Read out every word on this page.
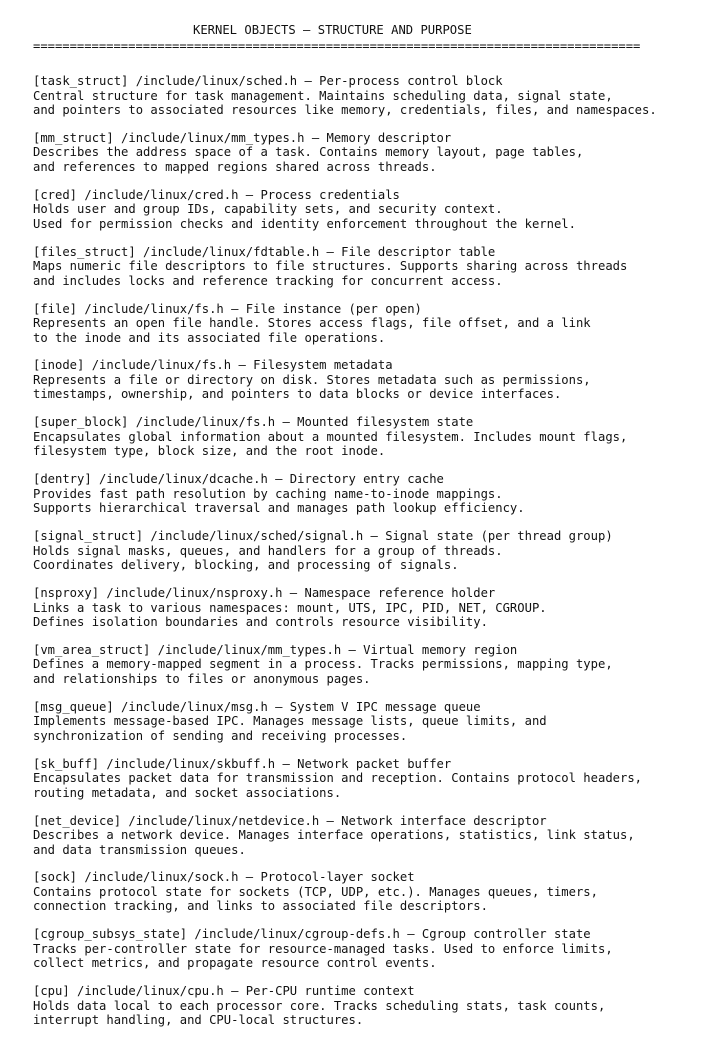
KERNEL OBJECTS — STRUCTURE AND PURPOSE
===================================================================================
[task_struct] /include/linux/sched.h — Per-process control block
Central structure for task management. Maintains scheduling data, signal state,
and pointers to associated resources like memory, credentials, files, and namespaces.
[mm_struct] /include/linux/mm_types.h — Memory descriptor
Describes the address space of a task. Contains memory layout, page tables,
and references to mapped regions shared across threads.
[cred] /include/linux/cred.h — Process credentials
Holds user and group IDs, capability sets, and security context.
Used for permission checks and identity enforcement throughout the kernel.
[files_struct] /include/linux/fdtable.h — File descriptor table
Maps numeric file descriptors to file structures. Supports sharing across threads
and includes locks and reference tracking for concurrent access.
[file] /include/linux/fs.h — File instance (per open)
Represents an open file handle. Stores access flags, file offset, and a link
to the inode and its associated file operations.
[inode] /include/linux/fs.h — Filesystem metadata
Represents a file or directory on disk. Stores metadata such as permissions,
timestamps, ownership, and pointers to data blocks or device interfaces.
[super_block] /include/linux/fs.h — Mounted filesystem state
Encapsulates global information about a mounted filesystem. Includes mount flags,
filesystem type, block size, and the root inode.
[dentry] /include/linux/dcache.h — Directory entry cache
Provides fast path resolution by caching name-to-inode mappings.
Supports hierarchical traversal and manages path lookup efficiency.
[signal_struct] /include/linux/sched/signal.h — Signal state (per thread group)
Holds signal masks, queues, and handlers for a group of threads.
Coordinates delivery, blocking, and processing of signals.
[nsproxy] /include/linux/nsproxy.h — Namespace reference holder
Links a task to various namespaces: mount, UTS, IPC, PID, NET, CGROUP.
Defines isolation boundaries and controls resource visibility.
[vm_area_struct] /include/linux/mm_types.h — Virtual memory region
Defines a memory-mapped segment in a process. Tracks permissions, mapping type,
and relationships to files or anonymous pages.
[msg_queue] /include/linux/msg.h — System V IPC message queue
Implements message-based IPC. Manages message lists, queue limits, and
synchronization of sending and receiving processes.
[sk_buff] /include/linux/skbuff.h — Network packet buffer
Encapsulates packet data for transmission and reception. Contains protocol headers,
routing metadata, and socket associations.
[net_device] /include/linux/netdevice.h — Network interface descriptor
Describes a network device. Manages interface operations, statistics, link status,
and data transmission queues.
[sock] /include/linux/sock.h — Protocol-layer socket
Contains protocol state for sockets (TCP, UDP, etc.). Manages queues, timers,
connection tracking, and links to associated file descriptors.
[cgroup_subsys_state] /include/linux/cgroup-defs.h — Cgroup controller state
Tracks per-controller state for resource-managed tasks. Used to enforce limits,
collect metrics, and propagate resource control events.
[cpu] /include/linux/cpu.h — Per-CPU runtime context
Holds data local to each processor core. Tracks scheduling stats, task counts,
interrupt handling, and CPU-local structures.
